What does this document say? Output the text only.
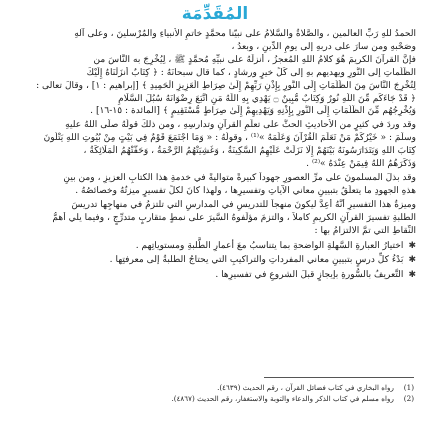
المُقَدِّمَة

الحمدُ للهِ رَبِّ العالمين ، والصَّلاةُ والسَّلامُ على نبيّنا محمَّدٍ خاتمِ الأنبياءِ والمُرْسلينَ ، وعلى آلهِ
وصَحْبهِ ومن سارَ على دربهِ إلى يومِ الدِّينِ ، وبعدُ ،
فإنَّ القرآنَ الكريمَ هُوَ كلامُ اللهِ المُعجزُ ، أنزلَهُ على نبيِّهِ مُحمَّدٍ ﷺ ، لِيُخْرِجَ به النَّاسَ من
الظُّلُماتِ إلى النُّورِ ويهديهم بهِ إلى كُلِّ خيرٍ ورشادٍ ، كما قال سبحانَهُ : ﴿ كِتَابٌ أَنزَلْنَاهُ إِلَيْكَ
لِتُخْرِجَ النَّاسَ مِنَ الظُّلُمَاتِ إِلَى النُّورِ بِإِذْنِ رَبِّهِمْ إِلَىٰ صِرَاطِ الْعَزِيزِ الْحَمِيدِ ﴾ [إبراهيم : ١] ، وقالَ تعالى :
﴿ قَدْ جَاءَكُم مِّنَ اللَّهِ نُورٌ وَكِتَابٌ مُّبِينٌ ۝ يَهْدِي بِهِ اللَّهُ مَنِ اتَّبَعَ رِضْوَانَهُ سُبُلَ السَّلَامِ
وَيُخْرِجُهُم مِّنَ الظُّلُمَاتِ إِلَى النُّورِ بِإِذْنِهِ وَيَهْدِيهِمْ إِلَىٰ صِرَاطٍ مُّسْتَقِيمٍ ﴾ [المائدة : ١٥-١٦] .

وقد وردَ في كثيرٍ من الأحاديثِ الحثُّ على تعلُّمِ القرآنِ وتدارسِهِ ، ومن ذلكَ قولُهُ صلّى اللهُ عليهِ
وسلَّمَ : « خَيْرُكُمْ مَنْ تَعَلَّمَ الْقُرْآنَ وَعَلَّمَهُ »⁽¹⁾ ، وقولُهُ : « وَمَا اجْتَمَعَ قَوْمٌ فِي بَيْتٍ مِنْ بُيُوتِ اللهِ يَتْلُونَ
كِتَابَ اللهِ وَيَتَدَارَسُونَهُ بَيْنَهُمْ إِلَّا نَزَلَتْ عَلَيْهِمُ السَّكِينَةُ ، وَغَشِيَتْهُمُ الرَّحْمَةُ ، وَحَفَّتْهُمُ الْمَلَائِكَةُ ،
وَذَكَرَهُمُ اللهُ فِيمَنْ عِنْدَهُ »⁽²⁾ .

وقد بذلَ المسلمونَ على مرِّ العصورِ جهوداً كبيرةً متواليةً في خدمةِ هذا الكتابِ العزيزِ ، ومن بينِ
هذهِ الجهودِ ما يتعلَّقُ بتبيينِ معاني الآياتِ وتفسيرِها ، ولهذا كانَ لكلِّ تفسيرٍ ميزتُهُ وخصائصُهُ .

وميزةُ هذا التفسيرِ أنَّهُ أُعِدَّ ليكونَ منهجاً للتدريسِ في المدارسِ التي تلتزمُ في منهاجِها تدريسَ
الطلبةِ تفسيرَ القرآنِ الكريمِ كاملاً ، والتزمَ مؤلِّفوهُ السَّيرَ على نمطٍ متقاربٍ متدرِّجٍ ، وفيما يلي أهمُّ
النِّقاطِ التي تمَّ الالتزامُ بها :

✱
اختيارُ العبارةِ السَّهلةِ الواضحةِ بما يتناسبُ معَ أعمارِ الطَّلبةِ ومستوياتِهم .
✱
بَدْءُ كلِّ درسٍ بتبيينِ معاني المفرداتِ والتراكيبِ التي يحتاجُ الطلبةُ إلى معرفتِها .
✱
التَّعريفُ بالسُّورةِ بإيجازٍ قبلَ الشروعِ في تفسيرِها .
(1)
رواه البخاري في كتاب فضائل القرآن ، رقم الحديث (٤٦٣٩).
(2)
رواه مسلم في كتاب الذكر والدعاء والتوبة والاستغفار، رقم الحديث (٤٨٦٧).
